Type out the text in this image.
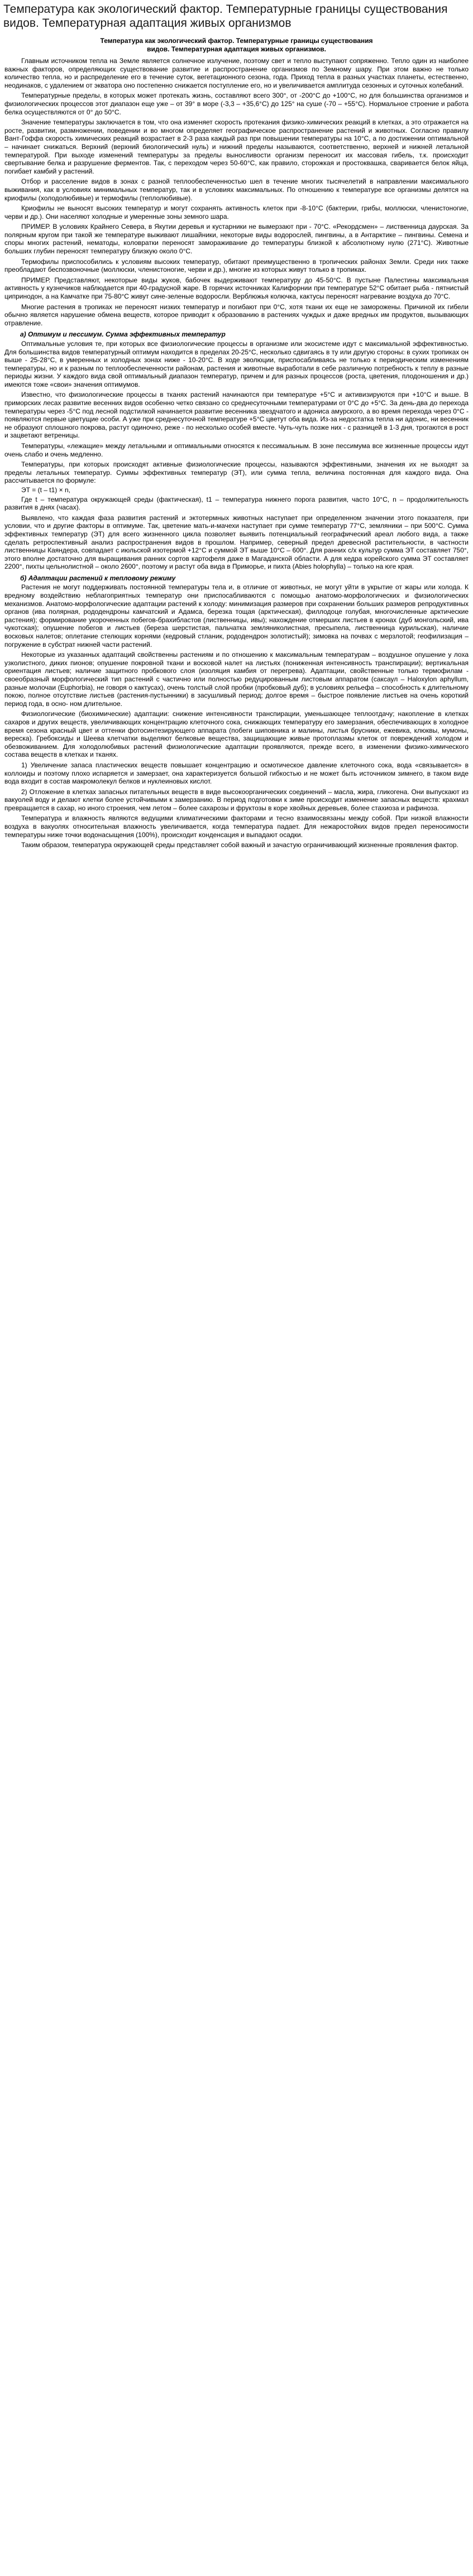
Температура как экологический фактор. Температурные границы существования видов. Температурная адаптация живых организмов
Температура как экологический фактор. Температурные границы существования видов. Температурная адаптация живых организмов.

Главным источником тепла на Земле является солнечное излучение, поэтому свет и тепло выступают сопряженно. Тепло один из наиболее важных факторов, определяющих существование развитие и распространение организмов по Земному шару. При этом важно не только количество тепла, но и распределение его в течение суток, вегетационного сезона, года. Приход тепла в разных участках планеты, естественно, неодинаков, с удалением от экватора оно постепенно снижается поступление его, но и увеличивается амплитуда сезонных и суточных колебаний.

Температурные пределы, в которых может протекать жизнь, составляют всего 300°, от -200°С до +100°С, но для большинства организмов и физиологических процессов этот диапазон еще уже – от 39° в море (-3,3 – +35,6°С) до 125° на суше (-70 – +55°С). Нормальное строение и работа белка осуществляются от 0° до 50°С.

Значение температуры заключается в том, что она изменяет скорость протекания физико-химических реакций в клетках, а это отражается на росте, развитии, размножении, поведении и во многом определяет географическое распространение растений и животных. Согласно правилу Вант-Гоффа скорость химических реакций возрастает в 2-3 раза каждый раз при повышении температуры на 10°С, а по достижении оптимальной – начинает снижаться. Верхний (верхний биологический нуль) и нижний пределы называются, соответственно, верхней и нижней летальной температурой. При выходе изменений температуры за пределы выносливости организм переносит их массовая гибель, т.к. происходит свертывание белка и разрушение ферментов. Так, с переходом через 50-60°С, как правило, сторожкая и простоквашка, сваривается белок яйца, погибает камбий у растений.

Отбор и расселение видов в зонах с разной теплообеспеченностью шел в течение многих тысячелетий в направлении максимального выживания, как в условиях минимальных температур, так и в условиях максимальных. По отношению к температуре все организмы делятся на криофилы (холодолюбивые) и термофилы (теплолюбивые).

Криофилы не выносят высоких температур и могут сохранять активность клеток при -8-10°С (бактерии, грибы, моллюски, членистоногие, черви и др.). Они населяют холодные и умеренные зоны земного шара.

ПРИМЕР. В условиях Крайнего Севера, в Якутии деревья и кустарники не вымерзают при - 70°С. «Рекордсмен» – лиственница даурская. За полярным кругом при такой же температуре выживают лишайники, некоторые виды водорослей, пингвины, а в Антарктике – пингвины. Семена и споры многих растений, нематоды, коловратки переносят замораживание до температуры близкой к абсолютному нулю (271°С). Животные больших глубин переносят температуру близкую около 0°С.

Термофилы приспособились к условиям высоких температур, обитают преимущественно в тропических районах Земли. Среди них также преобладают беспозвоночные (моллюски, членистоногие, черви и др.), многие из которых живут только в тропиках.

ПРИМЕР. Представляют, некоторые виды жуков, бабочек выдерживают температуру до 45-50°С. В пустыне Палестины максимальная активность у кузнечиков наблюдается при 40-градусной жаре. В горячих источниках Калифорнии при температуре 52°С обитает рыба - пятнистый ципринодон, а на Камчатке при 75-80°С живут сине-зеленые водоросли. Верблюжья колючка, кактусы переносят нагревание воздуха до 70°С.

Многие растения в тропиках не переносят низких температур и погибают при 0°С, хотя ткани их еще не заморожены. Причиной их гибели обычно является нарушение обмена веществ, которое приводит к образованию в растениях чуждых и даже вредных им продуктов, вызывающих отравление.

а) Оптимум и пессимум. Сумма эффективных температур

Оптимальные условия те, при которых все физиологические процессы в организме или экосистеме идут с максимальной эффективностью. Для большинства видов температурный оптимум находится в пределах 20-25°С, несколько сдвигаясь в ту или другую стороны: в сухих тропиках он выше - 25-28°С, в умеренных и холодных зонах ниже - 10-20°С. В ходе эволюции, приспосабливаясь не только к периодическим изменениям температуры, но и к разным по теплообеспеченности районам, растения и животные выработали в себе различную потребность к теплу в разные периоды жизни. У каждого вида свой оптимальный диапазон температур, причем и для разных процессов (роста, цветения, плодоношения и др.) имеются тоже «свои» значения оптимумов.

Известно, что физиологические процессы в тканях растений начинаются при температуре +5°С и активизируются при +10°С и выше. В приморских лесах развитие весенних видов особенно четко связано со среднесуточными температурами от 0°С до +5°С. За день-два до перехода температуры через -5°С под лесной подстилкой начинается развитие весенника звездчатого и адониса амурского, а во время перехода через 0°С - появляются первые цветущие особи. А уже при среднесуточной температуре +5°С цветут оба вида. Из-за недостатка тепла ни адонис, ни весенник не образуют сплошного покрова, растут одиночно, реже - по несколько особей вместе. Чуть-чуть позже них - с разницей в 1-3 дня, трогаются в рост и зацветают ветреницы.

Температуры, «лежащие» между летальными и оптимальными относятся к пессимальным. В зоне пессимума все жизненные процессы идут очень слабо и очень медленно.

Температуры, при которых происходят активные физиологические процессы, называются эффективными, значения их не выходят за пределы летальных температур. Суммы эффективных температур (ЭТ), или сумма тепла, величина постоянная для каждого вида. Она рассчитывается по формуле:

ЭТ = (t – t1) × n,

Где t – температура окружающей среды (фактическая), t1 – температура нижнего порога развития, часто 10°С, n – продолжительность развития в днях (часах).

Выявлено, что каждая фаза развития растений и эктотермных животных наступает при определенном значении этого показателя, при условии, что и другие факторы в оптимуме. Так, цветение мать-и-мачехи наступает при сумме температур 77°С, земляники – при 500°С. Сумма эффективных температур (ЭТ) для всего жизненного цикла позволяет выявить потенциальный географический ареал любого вида, а также сделать ретроспективный анализ распространения видов в прошлом. Например, северный предел древесной растительности, в частности лиственницы Каяндера, совпадает с июльской изотермой +12°С и суммой ЭТ выше 10°С – 600°. Для ранних с/х культур сумма ЭТ составляет 750°, этого вполне достаточно для выращивания ранних сортов картофеля даже в Магаданской области. А для кедра корейского сумма ЭТ составляет 2200°, пихты цельнолистной – около 2600°, поэтому и растут оба вида в Приморье, и пихта (Abies holophylla) – только на юге края.

б) Адаптации растений к тепловому режиму

Растения не могут поддерживать постоянной температуры тела и, в отличие от животных, не могут уйти в укрытие от жары или холода. К вредному воздействию неблагоприятных температур они приспосабливаются с помощью анатомо-морфологических и физиологических механизмов. Анатомо-морфологические адаптации растений к холоду: минимизация размеров при сохранении больших размеров репродуктивных органов (ива полярная, рододендроны камчатский и Адамса, березка тощая (арктическая), филлодоце голубая, многочисленные арктические растения); формирование укороченных побегов-брахибластов (лиственницы, ивы); нахождение отмерших листьев в кронах (дуб монгольский, ива чукотская); опушение побегов и листьев (береза шерстистая, пальчатка земляниколистная, пресыпела, лиственница курильская), наличие восковых налетов; оплетание стелющих корнями (кедровый стланик, рододендрон золотистый); зимовка на почвах с мерзлотой; геофилизация – погружение в субстрат нижней части растений.

Некоторые из указанных адаптаций свойственны растениям и по отношению к максимальным температурам – воздушное опушение у лоха узколистного, диких пионов; опушение покровной ткани и восковой налет на листьях (пониженная интенсивность транспирации); вертикальная ориентация листьев; наличие защитного пробкового слоя (изоляция камбия от перегрева). Адаптации, свойственные только термофилам - своеобразный морфологический тип растений с частично или полностью редуцированным листовым аппаратом (саксаул – Haloxylon aphyllum, разные молочаи (Euphorbia), не говоря о кактусах), очень толстый слой пробки (пробковый дуб); в условиях рельефа – способность к длительному покою, полное отсутствие листьев (растения-пустынники) в засушливый период; долгое время – быстрое появление листьев на очень короткий период года, в осно- ном длительное.

Физиологические (биохимические) адаптации: снижение интенсивности транспирации, уменьшающее теплоотдачу; накопление в клетках сахаров и других веществ, увеличивающих концентрацию клеточного сока, снижающих температуру его замерзания, обеспечивающих в холодное время сезона красный цвет и оттенки фотосинтезирующего аппарата (побеги шиповника и малины, листья брусники, ежевика, клюквы, мумоны, вереска). Гребоксиды и Шеева клетчатки выделяют белковые вещества, защищающие живые протоплазмы клеток от повреждений холодом и обезвоживанием. Для холодолюбивых растений физиологические адаптации проявляются, прежде всего, в изменении физико-химического состава веществ в клетках и тканях.

1) Увеличение запаса пластических веществ повышает концентрацию и осмотическое давление клеточного сока, вода «связывается» в коллоиды и поэтому плохо испаряется и замерзает, она характеризуется большой гибкостью и не может быть источником зимнего, в таком виде вода входит в состав макромолекул белков и нуклеиновых кислот.

2) Отложение в клетках запасных питательных веществ в виде высокоорганических соединений – масла, жира, гликогена. Они выпускают из вакуолей воду и делают клетки более устойчивыми к замерзанию. В период подготовки к зиме происходит изменение запасных веществ: крахмал превращается в сахар, но иного строения, чем летом – более сахарозы и фруктозы в коре хвойных деревьев, более стахиоза и рафиноза.

Температура и влажность являются ведущими климатическими факторами и тесно взаимосвязаны между собой. При низкой влажности воздуха в вакуолях относительная влажность увеличивается, когда температура падает. Для нежаростойких видов предел переносимости температуры ниже точки водонасыщения (100%), происходит конденсация и выпадают осадки.

Таким образом, температура окружающей среды представляет собой важный и зачастую ограничивающий жизненные проявления фактор.
